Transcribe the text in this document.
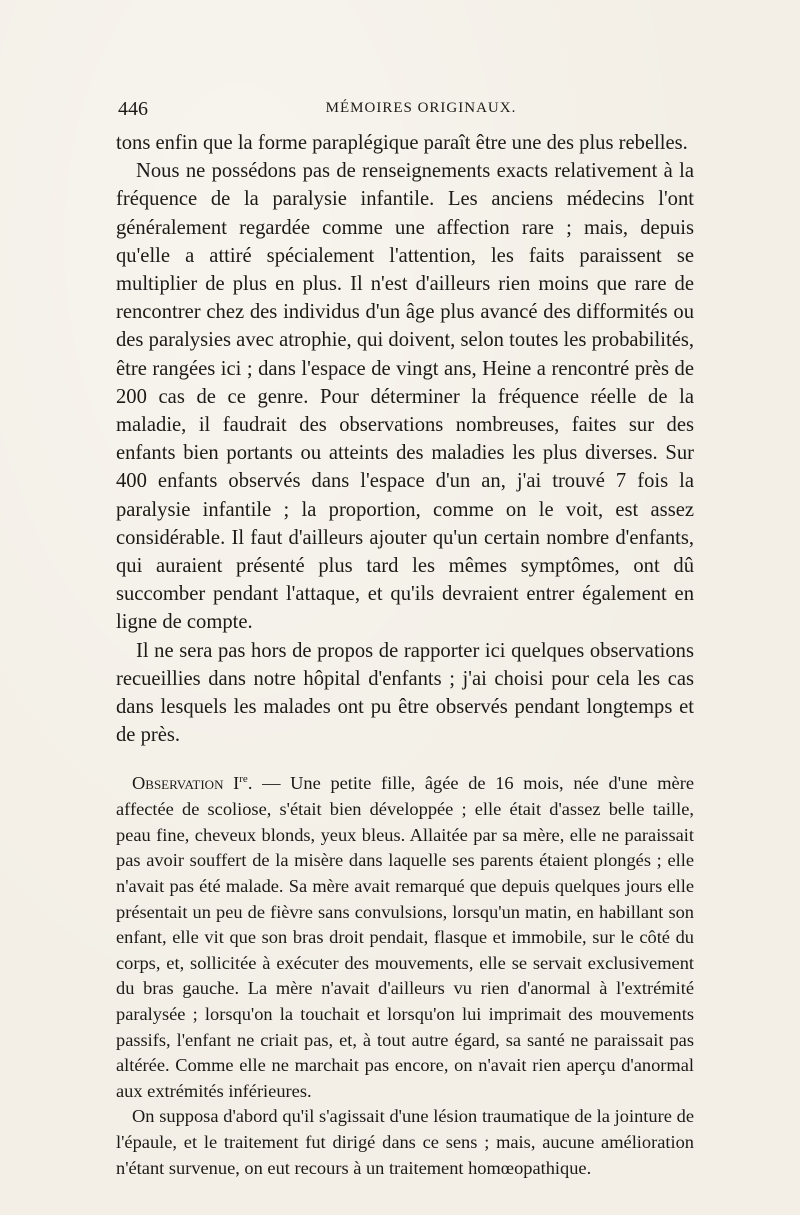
446	MÉMOIRES ORIGINAUX.

tons enfin que la forme paraplégique paraît être une des plus rebelles.

Nous ne possédons pas de renseignements exacts relativement à la fréquence de la paralysie infantile. Les anciens médecins l'ont généralement regardée comme une affection rare ; mais, depuis qu'elle a attiré spécialement l'attention, les faits paraissent se multiplier de plus en plus. Il n'est d'ailleurs rien moins que rare de rencontrer chez des individus d'un âge plus avancé des difformités ou des paralysies avec atrophie, qui doivent, selon toutes les probabilités, être rangées ici ; dans l'espace de vingt ans, Heine a rencontré près de 200 cas de ce genre. Pour déterminer la fréquence réelle de la maladie, il faudrait des observations nombreuses, faites sur des enfants bien portants ou atteints des maladies les plus diverses. Sur 400 enfants observés dans l'espace d'un an, j'ai trouvé 7 fois la paralysie infantile ; la proportion, comme on le voit, est assez considérable. Il faut d'ailleurs ajouter qu'un certain nombre d'enfants, qui auraient présenté plus tard les mêmes symptômes, ont dû succomber pendant l'attaque, et qu'ils devraient entrer également en ligne de compte.

Il ne sera pas hors de propos de rapporter ici quelques observations recueillies dans notre hôpital d'enfants ; j'ai choisi pour cela les cas dans lesquels les malades ont pu être observés pendant longtemps et de près.

Observation Ire. — Une petite fille, âgée de 16 mois, née d'une mère affectée de scoliose, s'était bien développée ; elle était d'assez belle taille, peau fine, cheveux blonds, yeux bleus. Allaitée par sa mère, elle ne paraissait pas avoir souffert de la misère dans laquelle ses parents étaient plongés ; elle n'avait pas été malade. Sa mère avait remarqué que depuis quelques jours elle présentait un peu de fièvre sans convulsions, lorsqu'un matin, en habillant son enfant, elle vit que son bras droit pendait, flasque et immobile, sur le côté du corps, et, sollicitée à exécuter des mouvements, elle se servait exclusivement du bras gauche. La mère n'avait d'ailleurs vu rien d'anormal à l'extrémité paralysée ; lorsqu'on la touchait et lorsqu'on lui imprimait des mouvements passifs, l'enfant ne criait pas, et, à tout autre égard, sa santé ne paraissait pas altérée. Comme elle ne marchait pas encore, on n'avait rien aperçu d'anormal aux extrémités inférieures.

On supposa d'abord qu'il s'agissait d'une lésion traumatique de la jointure de l'épaule, et le traitement fut dirigé dans ce sens ; mais, aucune amélioration n'étant survenue, on eut recours à un traitement homœopathique.
